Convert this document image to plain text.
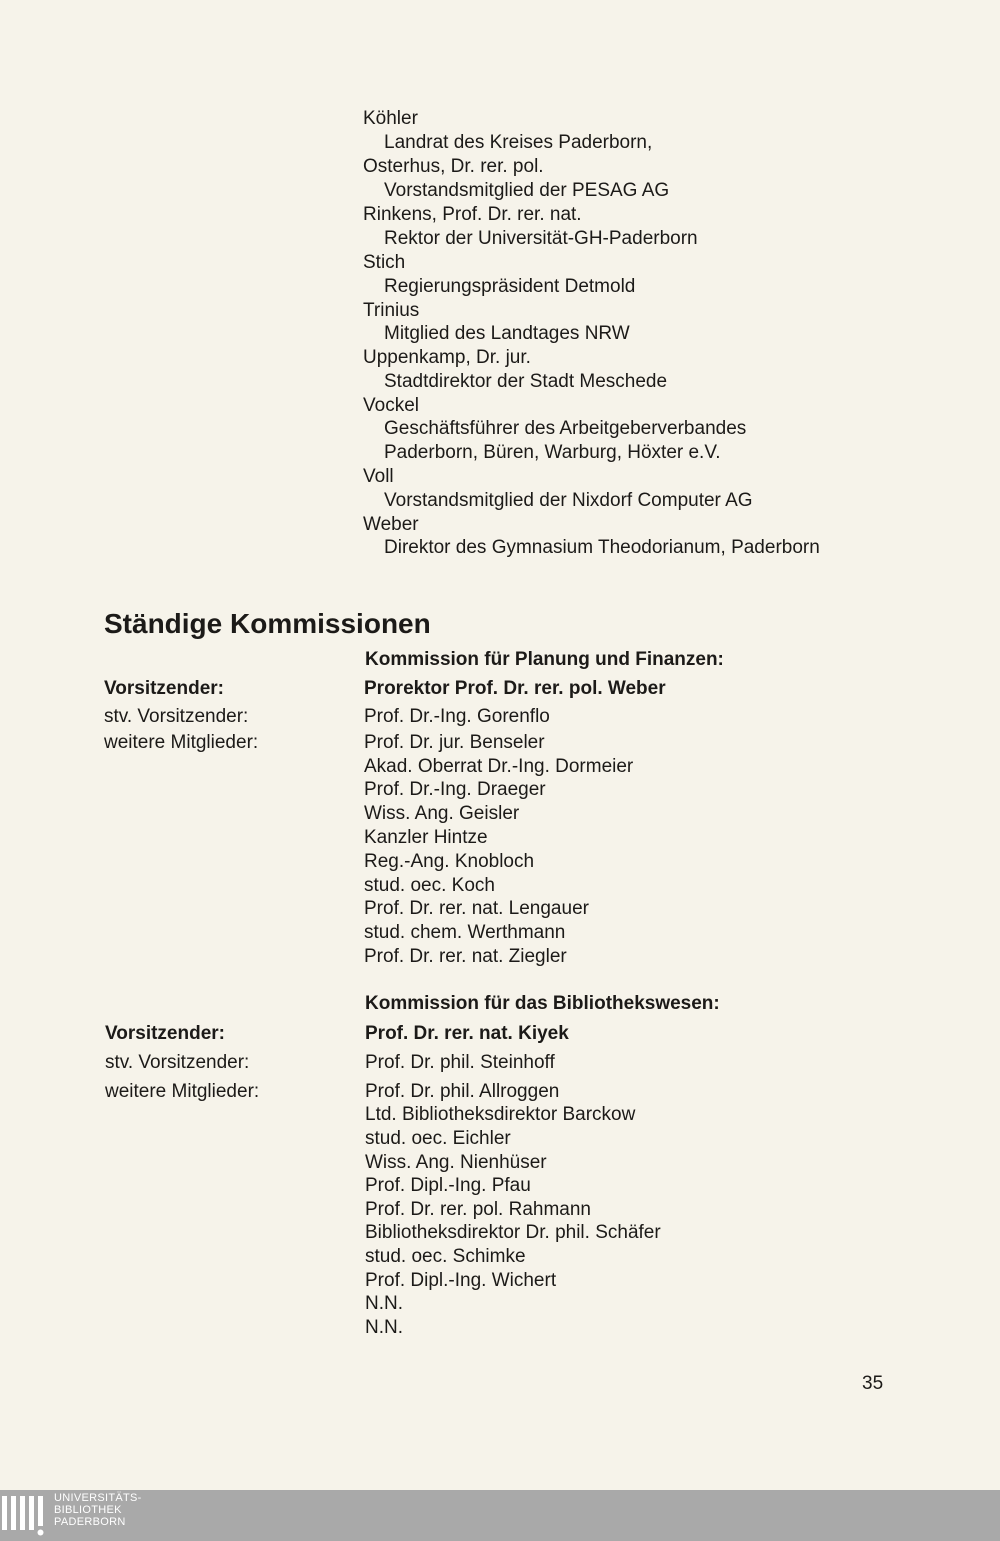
Köhler
Landrat des Kreises Paderborn,
Osterhus, Dr. rer. pol.
Vorstandsmitglied der PESAG AG
Rinkens, Prof. Dr. rer. nat.
Rektor der Universität-GH-Paderborn
Stich
Regierungspräsident Detmold
Trinius
Mitglied des Landtages NRW
Uppenkamp, Dr. jur.
Stadtdirektor der Stadt Meschede
Vockel
Geschäftsführer des Arbeitgeberverbandes
Paderborn, Büren, Warburg, Höxter e.V.
Voll
Vorstandsmitglied der Nixdorf Computer AG
Weber
Direktor des Gymnasium Theodorianum, Paderborn
Ständige Kommissionen
Kommission für Planung und Finanzen:
Vorsitzender:	Prorektor Prof. Dr. rer. pol. Weber
stv. Vorsitzender:	Prof. Dr.-Ing. Gorenflo
weitere Mitglieder:	Prof. Dr. jur. Benseler
Akad. Oberrat Dr.-Ing. Dormeier
Prof. Dr.-Ing. Draeger
Wiss. Ang. Geisler
Kanzler Hintze
Reg.-Ang. Knobloch
stud. oec. Koch
Prof. Dr. rer. nat. Lengauer
stud. chem. Werthmann
Prof. Dr. rer. nat. Ziegler
Kommission für das Bibliothekswesen:
Vorsitzender:	Prof. Dr. rer. nat. Kiyek
stv. Vorsitzender:	Prof. Dr. phil. Steinhoff
weitere Mitglieder:	Prof. Dr. phil. Allroggen
Ltd. Bibliotheksdirektor Barckow
stud. oec. Eichler
Wiss. Ang. Nienhüser
Prof. Dipl.-Ing. Pfau
Prof. Dr. rer. pol. Rahmann
Bibliotheksdirektor Dr. phil. Schäfer
stud. oec. Schimke
Prof. Dipl.-Ing. Wichert
N.N.
N.N.
35
UNIVERSITÄTS-
BIBLIOTHEK
PADERBORN
